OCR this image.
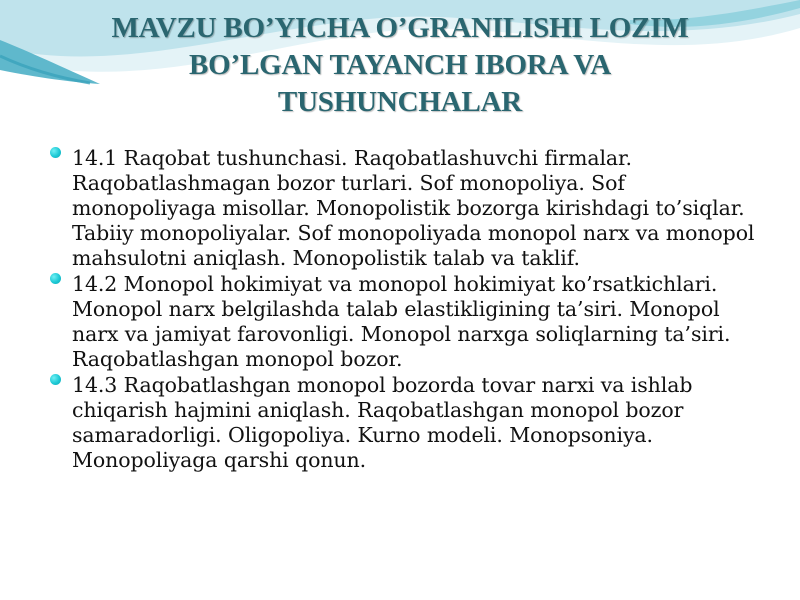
MAVZU BO’YICHA O’GRANILISHI LOZIM
BO’LGAN TAYANCH IBORA VA
TUSHUNCHALAR
14.1 Raqobat tushunchasi. Raqobatlashuvchi firmalar. Raqobatlashmagan bozor turlari. Sof monopoliya. Sof monopoliyaga misollar. Monopolistik bozorga kirishdagi to’siqlar. Tabiiy monopoliyalar. Sof monopoliyada monopol narx va monopol mahsulotni aniqlash. Monopolistik talab va taklif.
14.2 Monopol hokimiyat va monopol hokimiyat ko’rsatkichlari. Monopol narx belgilashda talab elastikligining ta’siri. Monopol narx va jamiyat farovonligi. Monopol narxga soliqlarning ta’siri. Raqobatlashgan monopol bozor.
14.3 Raqobatlashgan monopol bozorda tovar narxi va ishlab chiqarish hajmini aniqlash. Raqobatlashgan monopol bozor samaradorligi. Oligopoliya. Kurno modeli. Monopsoniya. Monopoliyaga qarshi qonun.
